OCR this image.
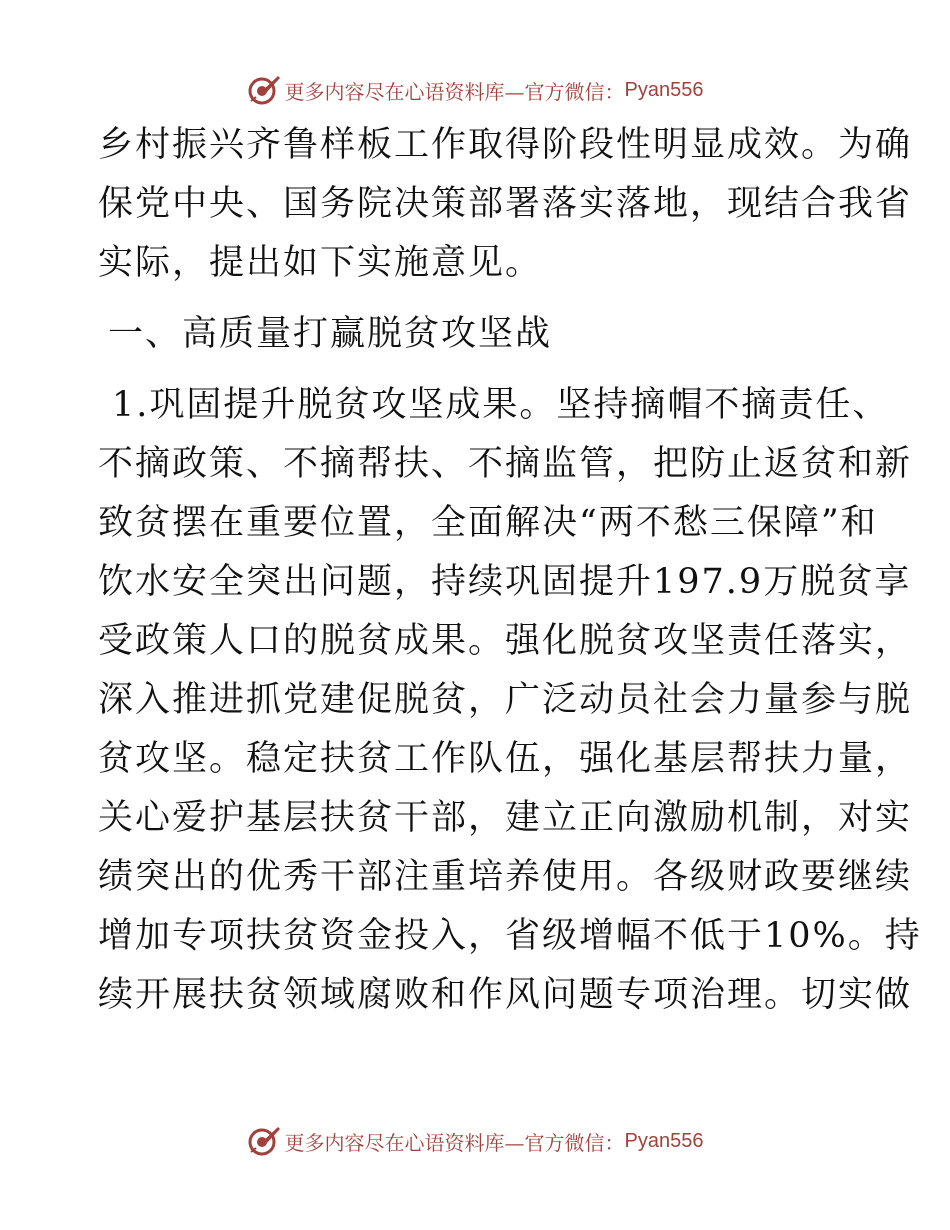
更多内容尽在心语资料库—官方微信： Pyan556
乡村振兴齐鲁样板工作取得阶段性明显成效。为确
保党中央、国务院决策部署落实落地，现结合我省
实际，提出如下实施意见。
一、高质量打赢脱贫攻坚战
1.巩固提升脱贫攻坚成果。坚持摘帽不摘责任、
不摘政策、不摘帮扶、不摘监管，把防止返贫和新
致贫摆在重要位置，全面解决“两不愁三保障”和
饮水安全突出问题，持续巩固提升197.9万脱贫享
受政策人口的脱贫成果。强化脱贫攻坚责任落实，
深入推进抓党建促脱贫，广泛动员社会力量参与脱
贫攻坚。稳定扶贫工作队伍，强化基层帮扶力量，
关心爱护基层扶贫干部，建立正向激励机制，对实
绩突出的优秀干部注重培养使用。各级财政要继续
增加专项扶贫资金投入，省级增幅不低于10%。持
续开展扶贫领域腐败和作风问题专项治理。切实做
更多内容尽在心语资料库—官方微信： Pyan556
